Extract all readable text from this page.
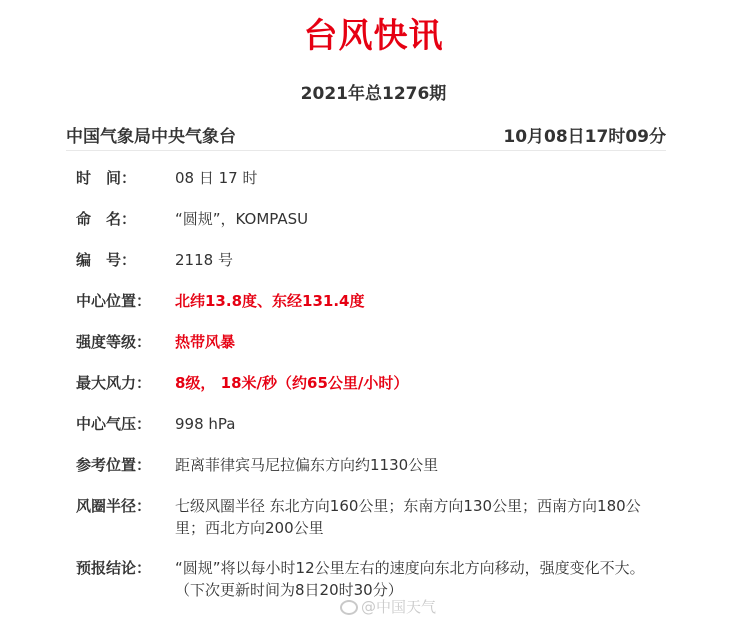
台风快讯
2021年总1276期
中国气象局中央气象台	10月08日17时09分
时　间：	08 日 17 时
命　名：	“圆规”，KOMPASU
编　号：	2118 号
中心位置：	北纬13.8度、东经131.4度
强度等级：	热带风暴
最大风力：	8级， 18米/秒（约65公里/小时）
中心气压：	998 hPa
参考位置：	距离菲律宾马尼拉偏东方向约1130公里
风圈半径：	七级风圈半径 东北方向160公里；东南方向130公里；西南方向180公里；西北方向200公里
预报结论：	“圆规”将以每小时12公里左右的速度向东北方向移动，强度变化不大。
（下次更新时间为8日20时30分）
@中国天气
